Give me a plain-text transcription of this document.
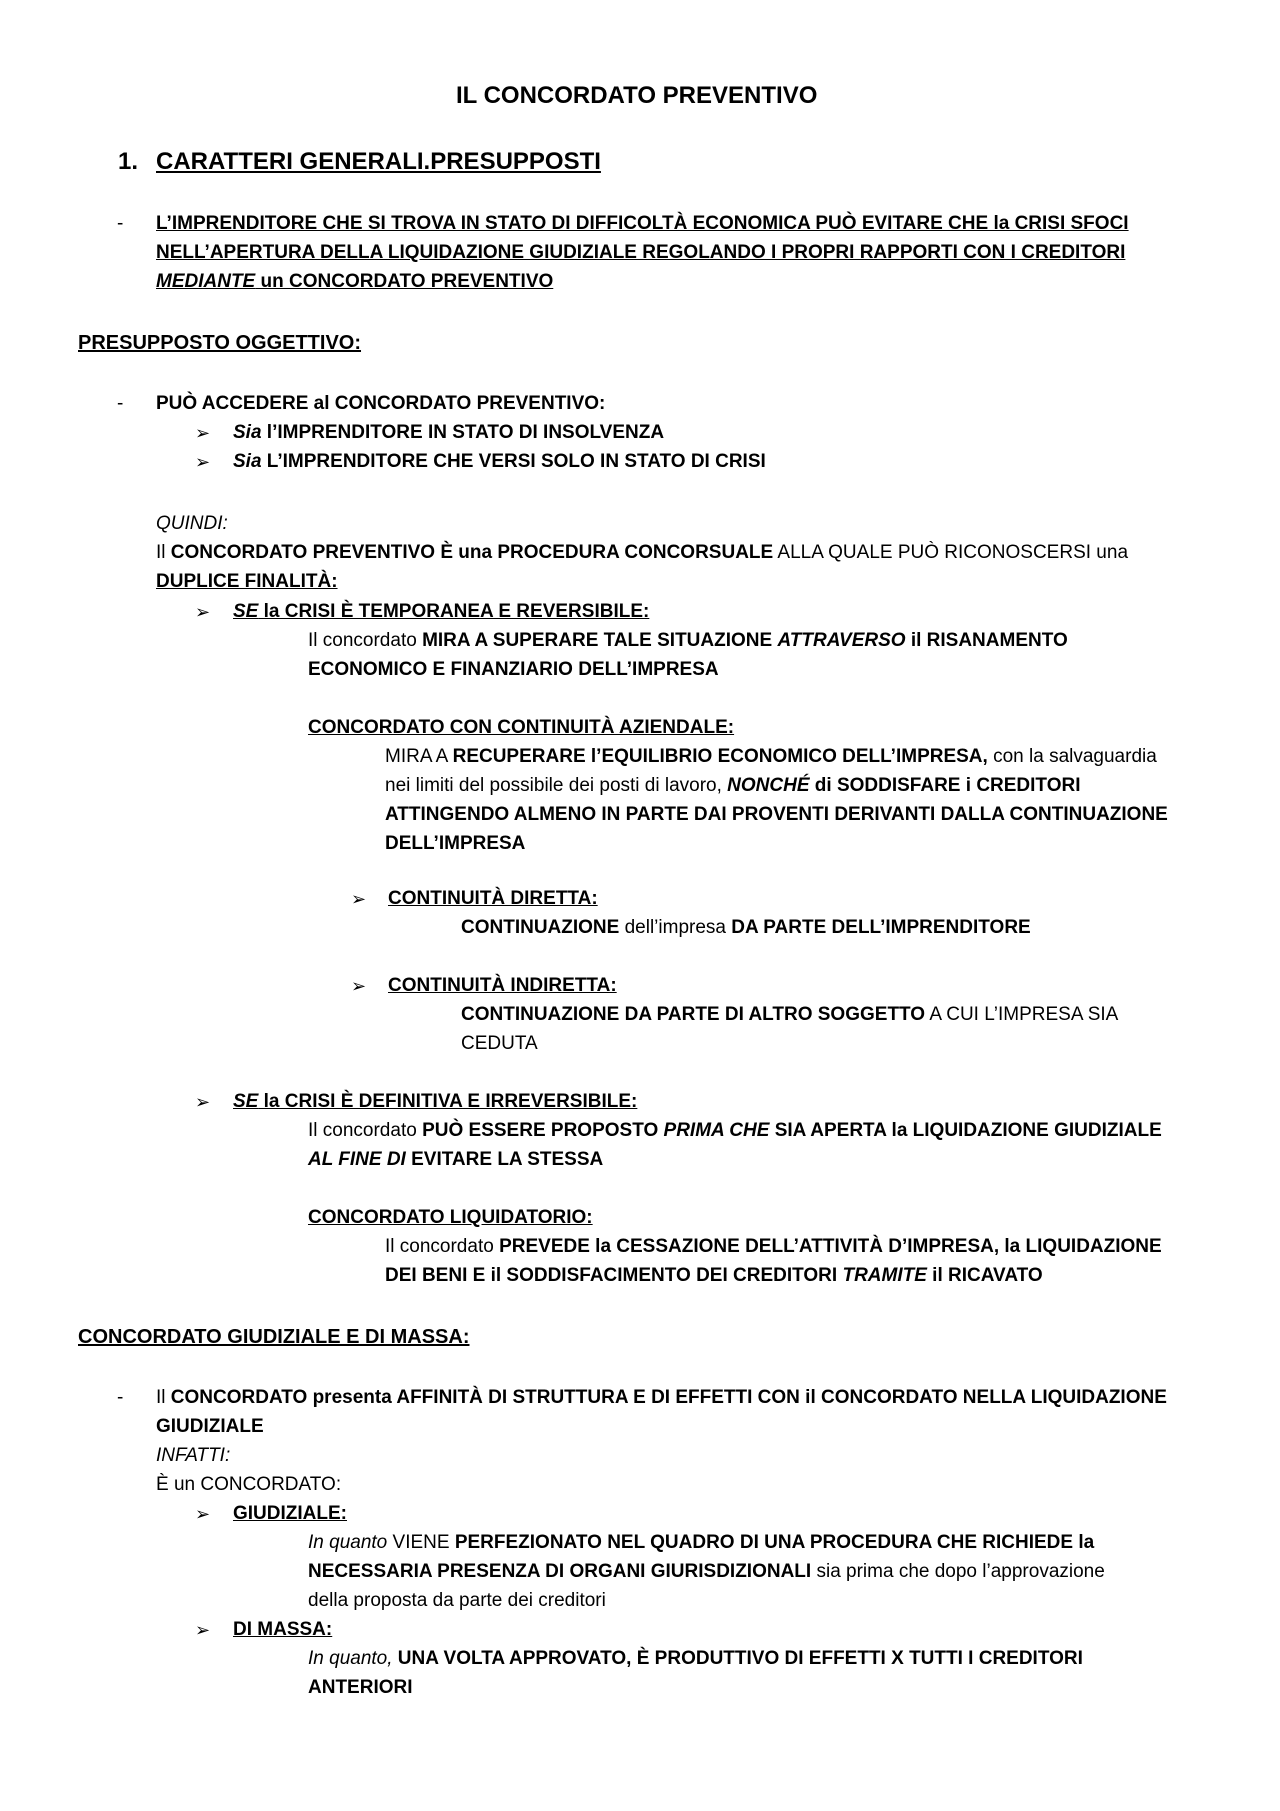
IL CONCORDATO PREVENTIVO
1. CARATTERI GENERALI.PRESUPPOSTI
- L’IMPRENDITORE CHE SI TROVA IN STATO DI DIFFICOLTÀ ECONOMICA PUÒ EVITARE CHE la CRISI SFOCI
NELL’APERTURA DELLA LIQUIDAZIONE GIUDIZIALE REGOLANDO I PROPRI RAPPORTI CON I CREDITORI
MEDIANTE un CONCORDATO PREVENTIVO
PRESUPPOSTO OGGETTIVO:
- PUÒ ACCEDERE al CONCORDATO PREVENTIVO:
➢ Sia l’IMPRENDITORE IN STATO DI INSOLVENZA
➢ Sia L’IMPRENDITORE CHE VERSI SOLO IN STATO DI CRISI
QUINDI:
Il CONCORDATO PREVENTIVO È una PROCEDURA CONCORSUALE ALLA QUALE PUÒ RICONOSCERSI una
DUPLICE FINALITÀ:
➢ SE la CRISI È TEMPORANEA E REVERSIBILE:
Il concordato MIRA A SUPERARE TALE SITUAZIONE ATTRAVERSO il RISANAMENTO
ECONOMICO E FINANZIARIO DELL’IMPRESA
CONCORDATO CON CONTINUITÀ AZIENDALE:
MIRA A RECUPERARE l’EQUILIBRIO ECONOMICO DELL’IMPRESA, con la salvaguardia
nei limiti del possibile dei posti di lavoro, NONCHÉ di SODDISFARE i CREDITORI
ATTINGENDO ALMENO IN PARTE DAI PROVENTI DERIVANTI DALLA CONTINUAZIONE
DELL’IMPRESA
➢ CONTINUITÀ DIRETTA:
CONTINUAZIONE dell’impresa DA PARTE DELL’IMPRENDITORE
➢ CONTINUITÀ INDIRETTA:
CONTINUAZIONE DA PARTE DI ALTRO SOGGETTO A CUI L’IMPRESA SIA
CEDUTA
➢ SE la CRISI È DEFINITIVA E IRREVERSIBILE:
Il concordato PUÒ ESSERE PROPOSTO PRIMA CHE SIA APERTA la LIQUIDAZIONE GIUDIZIALE
AL FINE DI EVITARE LA STESSA
CONCORDATO LIQUIDATORIO:
Il concordato PREVEDE la CESSAZIONE DELL’ATTIVITÀ D’IMPRESA, la LIQUIDAZIONE
DEI BENI E il SODDISFACIMENTO DEI CREDITORI TRAMITE il RICAVATO
CONCORDATO GIUDIZIALE E DI MASSA:
- Il CONCORDATO presenta AFFINITÀ DI STRUTTURA E DI EFFETTI CON il CONCORDATO NELLA LIQUIDAZIONE
GIUDIZIALE
INFATTI:
È un CONCORDATO:
➢ GIUDIZIALE:
In quanto VIENE PERFEZIONATO NEL QUADRO DI UNA PROCEDURA CHE RICHIEDE la
NECESSARIA PRESENZA DI ORGANI GIURISDIZIONALI sia prima che dopo l’approvazione
della proposta da parte dei creditori
➢ DI MASSA:
In quanto, UNA VOLTA APPROVATO, È PRODUTTIVO DI EFFETTI X TUTTI I CREDITORI
ANTERIORI
